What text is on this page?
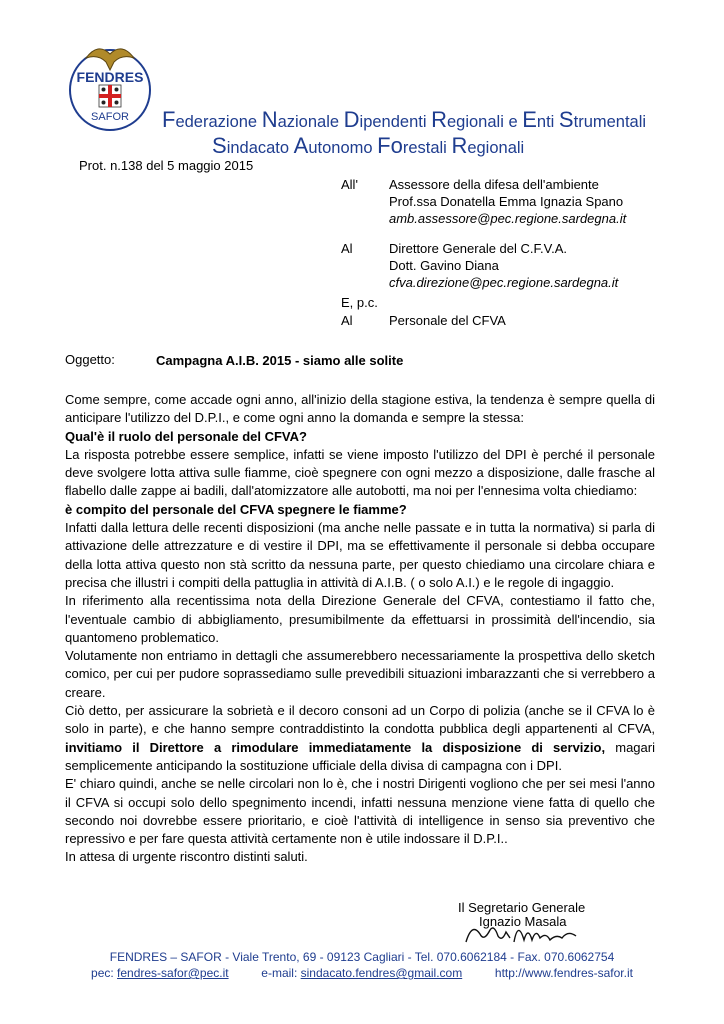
FENDRES
SAFOR Federazione Nazionale Dipendenti Regionali e Enti Strumentali
Sindacato Autonomo Forestali Regionali
Prot. n.138 del 5 maggio 2015
All' Assessore della difesa dell'ambiente
Prof.ssa Donatella Emma Ignazia Spano
amb.assessore@pec.regione.sardegna.it
Al	Direttore Generale del C.F.V.A.
Dott. Gavino Diana
cfva.direzione@pec.regione.sardegna.it
E, p.c.
Al	Personale del CFVA
Oggetto:	Campagna A.I.B. 2015 - siamo alle solite

Come sempre, come accade ogni anno, all'inizio della stagione estiva, la tendenza è sempre quella di anticipare l'utilizzo del D.P.I., e come ogni anno la domanda e sempre la stessa:

Qual'è il ruolo del personale del CFVA?

La risposta potrebbe essere semplice, infatti se viene imposto l'utilizzo del DPI è perché il personale deve svolgere lotta attiva sulle fiamme, cioè spegnere con ogni mezzo a disposizione, dalle frasche al flabello dalle zappe ai badili, dall'atomizzatore alle autobotti, ma noi per l'ennesima volta chiediamo:

è compito del personale del CFVA spegnere le fiamme?

Infatti dalla lettura delle recenti disposizioni (ma anche nelle passate e in tutta la normativa) si parla di attivazione delle attrezzature e di vestire il DPI, ma se effettivamente il personale si debba occupare della lotta attiva questo non stà scritto da nessuna parte, per questo chiediamo una circolare chiara e precisa che illustri i compiti della pattuglia in attività di A.I.B. ( o solo A.I.) e le regole di ingaggio.

In riferimento alla recentissima nota della Direzione Generale del CFVA, contestiamo il fatto che, l'eventuale cambio di abbigliamento, presumibilmente da effettuarsi in prossimità dell'incendio, sia quantomeno problematico.

Volutamente non entriamo in dettagli che assumerebbero necessariamente la prospettiva dello sketch comico, per cui per pudore soprassediamo sulle prevedibili situazioni imbarazzanti che si verrebbero a creare.

Ciò detto, per assicurare la sobrietà e il decoro consoni ad un Corpo di polizia (anche se il CFVA lo è solo in parte), e che hanno sempre contraddistinto la condotta pubblica degli appartenenti al CFVA, invitiamo il Direttore a rimodulare immediatamente la disposizione di servizio, magari semplicemente anticipando la sostituzione ufficiale della divisa di campagna con i DPI.

E' chiaro quindi, anche se nelle circolari non lo è, che i nostri Dirigenti vogliono che per sei mesi l'anno il CFVA si occupi solo dello spegnimento incendi, infatti nessuna menzione viene fatta di quello che secondo noi dovrebbe essere prioritario, e cioè l'attività di intelligence in senso sia preventivo che repressivo e per fare questa attività certamente non è utile indossare il D.P.I..

In attesa di urgente riscontro distinti saluti.

Il Segretario Generale
Ignazio Masala
FENDRES – SAFOR - Viale Trento, 69 - 09123 Cagliari - Tel. 070.6062184 - Fax. 070.6062754
pec: fendres-safor@pec.it	e-mail: sindacato.fendres@gmail.com	http://www.fendres-safor.it
